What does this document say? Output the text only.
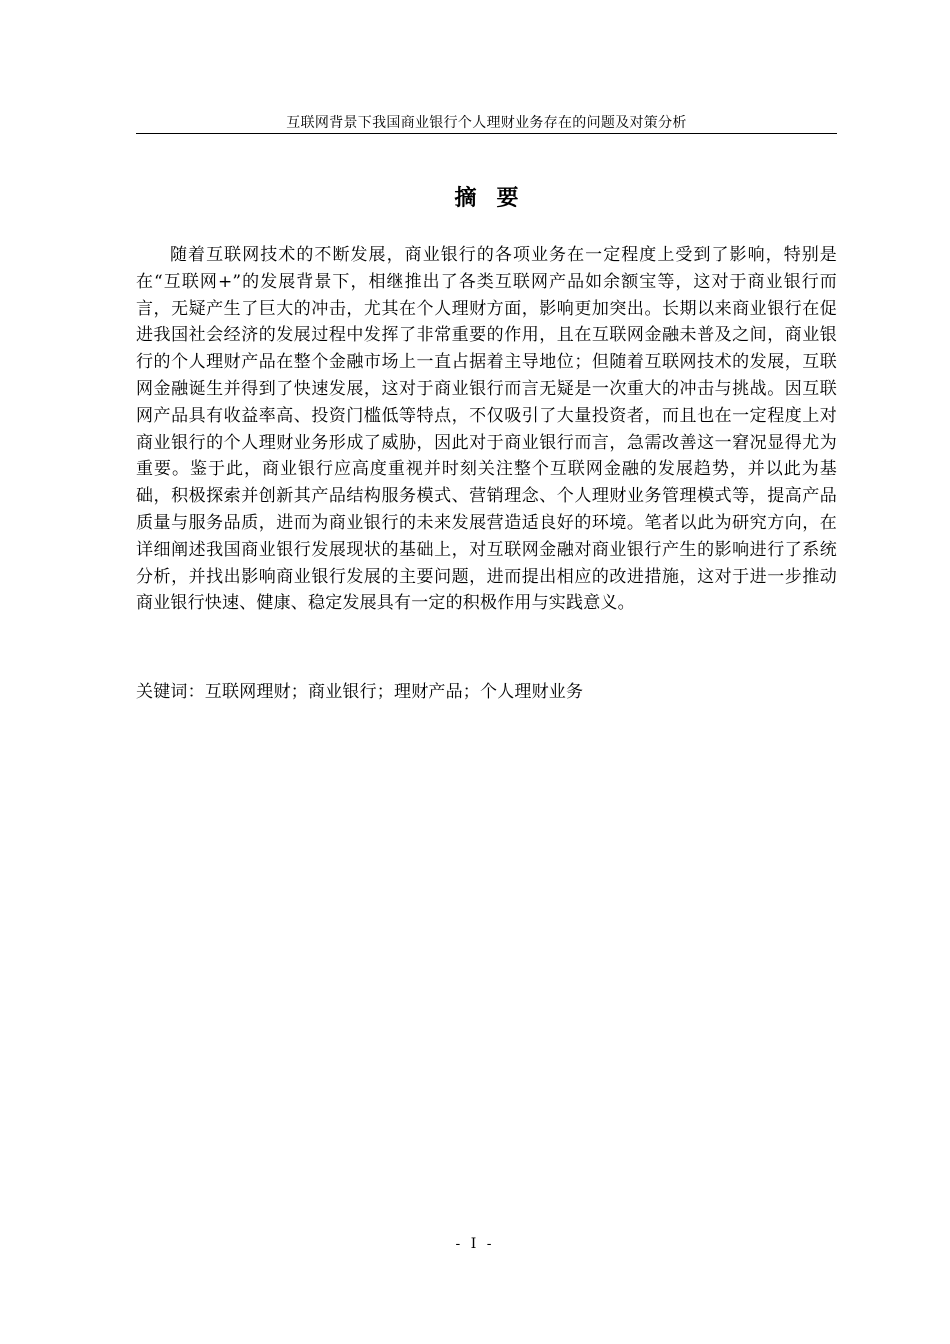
互联网背景下我国商业银行个人理财业务存在的问题及对策分析
摘要

随着互联网技术的不断发展，商业银行的各项业务在一定程度上受到了影响，特别是在“互联网+”的发展背景下，相继推出了各类互联网产品如余额宝等，这对于商业银行而言，无疑产生了巨大的冲击，尤其在个人理财方面，影响更加突出。长期以来商业银行在促进我国社会经济的发展过程中发挥了非常重要的作用，且在互联网金融未普及之间，商业银行的个人理财产品在整个金融市场上一直占据着主导地位；但随着互联网技术的发展，互联网金融诞生并得到了快速发展，这对于商业银行而言无疑是一次重大的冲击与挑战。因互联网产品具有收益率高、投资门槛低等特点，不仅吸引了大量投资者，而且也在一定程度上对商业银行的个人理财业务形成了威胁，因此对于商业银行而言，急需改善这一窘况显得尤为重要。鉴于此，商业银行应高度重视并时刻关注整个互联网金融的发展趋势，并以此为基础，积极探索并创新其产品结构服务模式、营销理念、个人理财业务管理模式等，提高产品质量与服务品质，进而为商业银行的未来发展营造适良好的环境。笔者以此为研究方向，在详细阐述我国商业银行发展现状的基础上，对互联网金融对商业银行产生的影响进行了系统分析，并找出影响商业银行发展的主要问题，进而提出相应的改进措施，这对于进一步推动商业银行快速、健康、稳定发展具有一定的积极作用与实践意义。

关键词：互联网理财；商业银行；理财产品；个人理财业务
- I -
